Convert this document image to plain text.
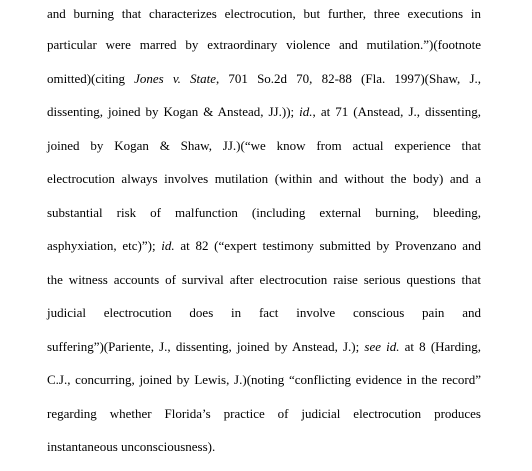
and burning that characterizes electrocution, but further, three executions in
particular were marred by extraordinary violence and mutilation.”)(footnote
omitted)(citing Jones v. State, 701 So.2d 70, 82-88 (Fla. 1997)(Shaw, J.,
dissenting, joined by Kogan & Anstead, JJ.)); id., at 71 (Anstead, J., dissenting,
joined by Kogan & Shaw, JJ.)(“we know from actual experience that
electrocution always involves mutilation (within and without the body) and a
substantial risk of malfunction (including external burning, bleeding,
asphyxiation, etc)”); id. at 82 (“expert testimony submitted by Provenzano and
the witness accounts of survival after electrocution raise serious questions that
judicial electrocution does in fact involve conscious pain and
suffering”)(Pariente, J., dissenting, joined by Anstead, J.); see id. at 8 (Harding,
C.J., concurring, joined by Lewis, J.)(noting “conflicting evidence in the record”
regarding whether Florida’s practice of judicial electrocution produces
instantaneous unconsciousness).
